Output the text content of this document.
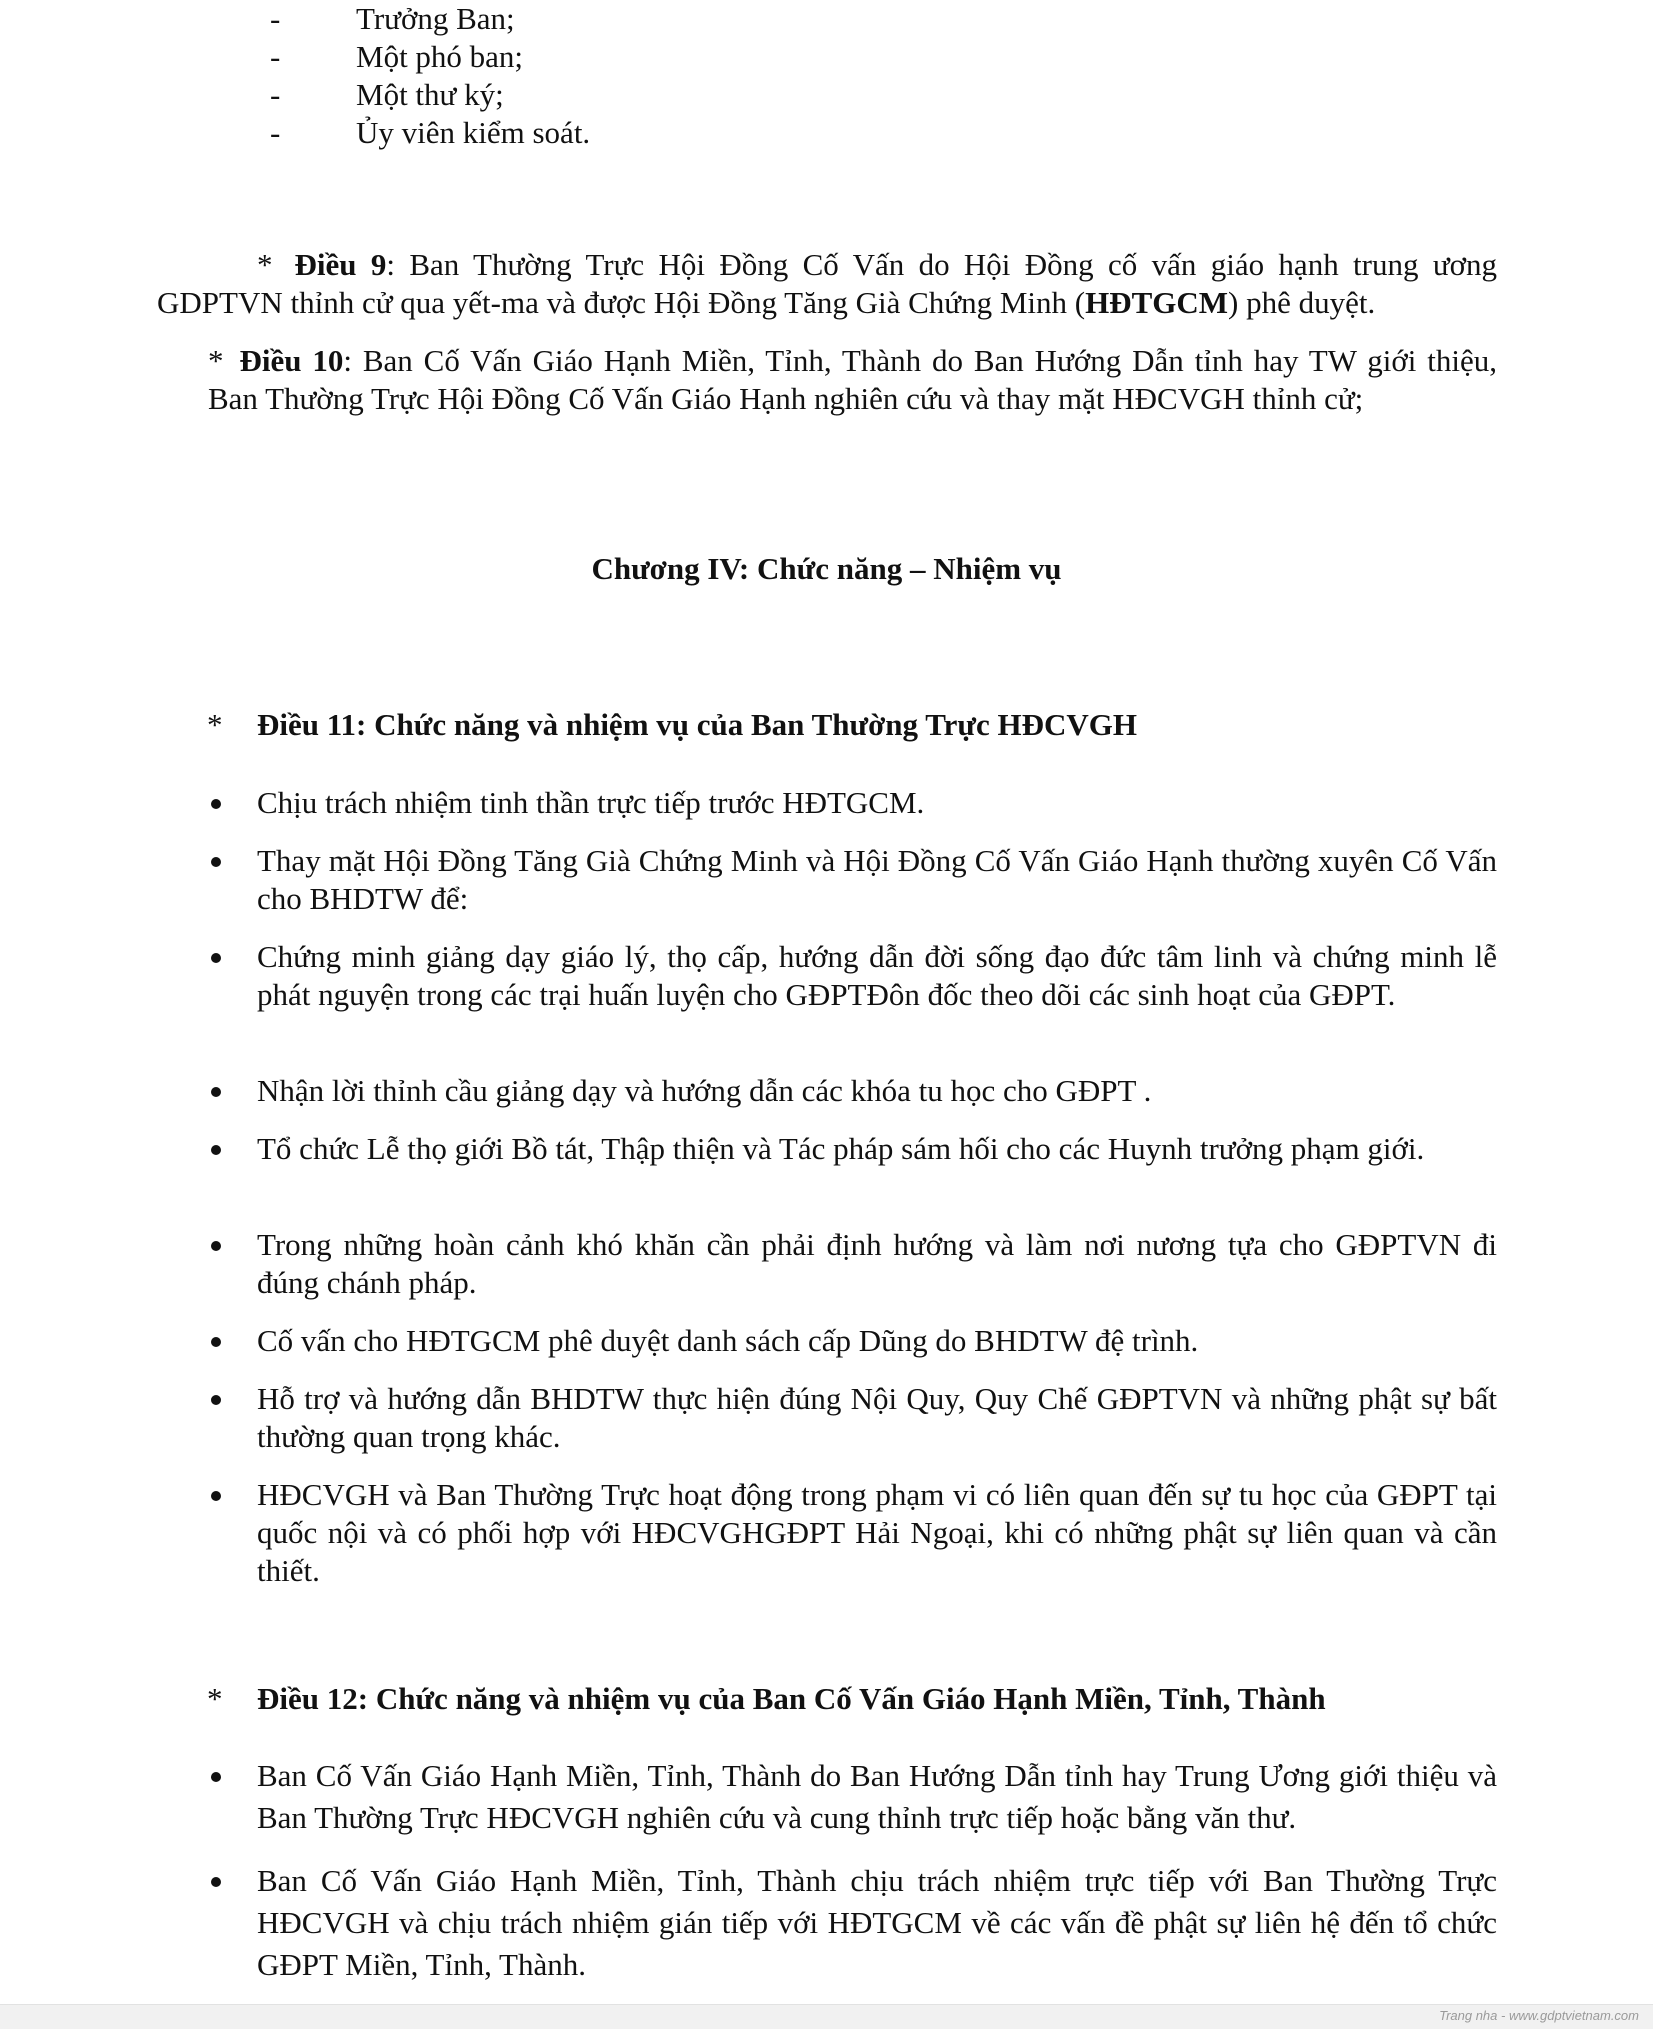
- Trưởng Ban;
- Một phó ban;
- Một thư ký;
- Ủy viên kiểm soát.

* Điều 9: Ban Thường Trực Hội Đồng Cố Vấn do Hội Đồng cố vấn giáo hạnh trung ương GDPTVN thỉnh cử qua yết-ma và được Hội Đồng Tăng Già Chứng Minh (HĐTGCM) phê duyệt.

* Điều 10: Ban Cố Vấn Giáo Hạnh Miền, Tỉnh, Thành do Ban Hướng Dẫn tỉnh hay TW giới thiệu, Ban Thường Trực Hội Đồng Cố Vấn Giáo Hạnh nghiên cứu và thay mặt HĐCVGH thỉnh cử;

Chương IV: Chức năng – Nhiệm vụ
* Điều 11: Chức năng và nhiệm vụ của Ban Thường Trực HĐCVGH
Chịu trách nhiệm tinh thần trực tiếp trước HĐTGCM.
Thay mặt Hội Đồng Tăng Già Chứng Minh và Hội Đồng Cố Vấn Giáo Hạnh thường xuyên Cố Vấn cho BHDTW để:
Chứng minh giảng dạy giáo lý, thọ cấp, hướng dẫn đời sống đạo đức tâm linh và chứng minh lễ phát nguyện trong các trại huấn luyện cho GĐPTĐôn đốc theo dõi các sinh hoạt của GĐPT.
Nhận lời thỉnh cầu giảng dạy và hướng dẫn các khóa tu học cho GĐPT .
Tổ chức Lễ thọ giới Bồ tát, Thập thiện và Tác pháp sám hối cho các Huynh trưởng phạm giới.
Trong những hoàn cảnh khó khăn cần phải định hướng và làm nơi nương tựa cho GĐPTVN đi đúng chánh pháp.
Cố vấn cho HĐTGCM phê duyệt danh sách cấp Dũng do BHDTW đệ trình.
Hỗ trợ và hướng dẫn BHDTW thực hiện đúng Nội Quy, Quy Chế GĐPTVN và những phật sự bất thường quan trọng khác.
HĐCVGH và Ban Thường Trực hoạt động trong phạm vi có liên quan đến sự tu học của GĐPT tại quốc nội và có phối hợp với HĐCVGHGĐPT Hải Ngoại, khi có những phật sự liên quan và cần thiết.
* Điều 12: Chức năng và nhiệm vụ của Ban Cố Vấn Giáo Hạnh Miền, Tỉnh, Thành
Ban Cố Vấn Giáo Hạnh Miền, Tỉnh, Thành do Ban Hướng Dẫn tỉnh hay Trung Ương giới thiệu và Ban Thường Trực HĐCVGH nghiên cứu và cung thỉnh trực tiếp hoặc bằng văn thư.
Ban Cố Vấn Giáo Hạnh Miền, Tỉnh, Thành chịu trách nhiệm trực tiếp với Ban Thường Trực HĐCVGH và chịu trách nhiệm gián tiếp với HĐTGCM về các vấn đề phật sự liên hệ đến tổ chức GĐPT Miền, Tỉnh, Thành.
Trang nha - www.gdptvietnam.com
